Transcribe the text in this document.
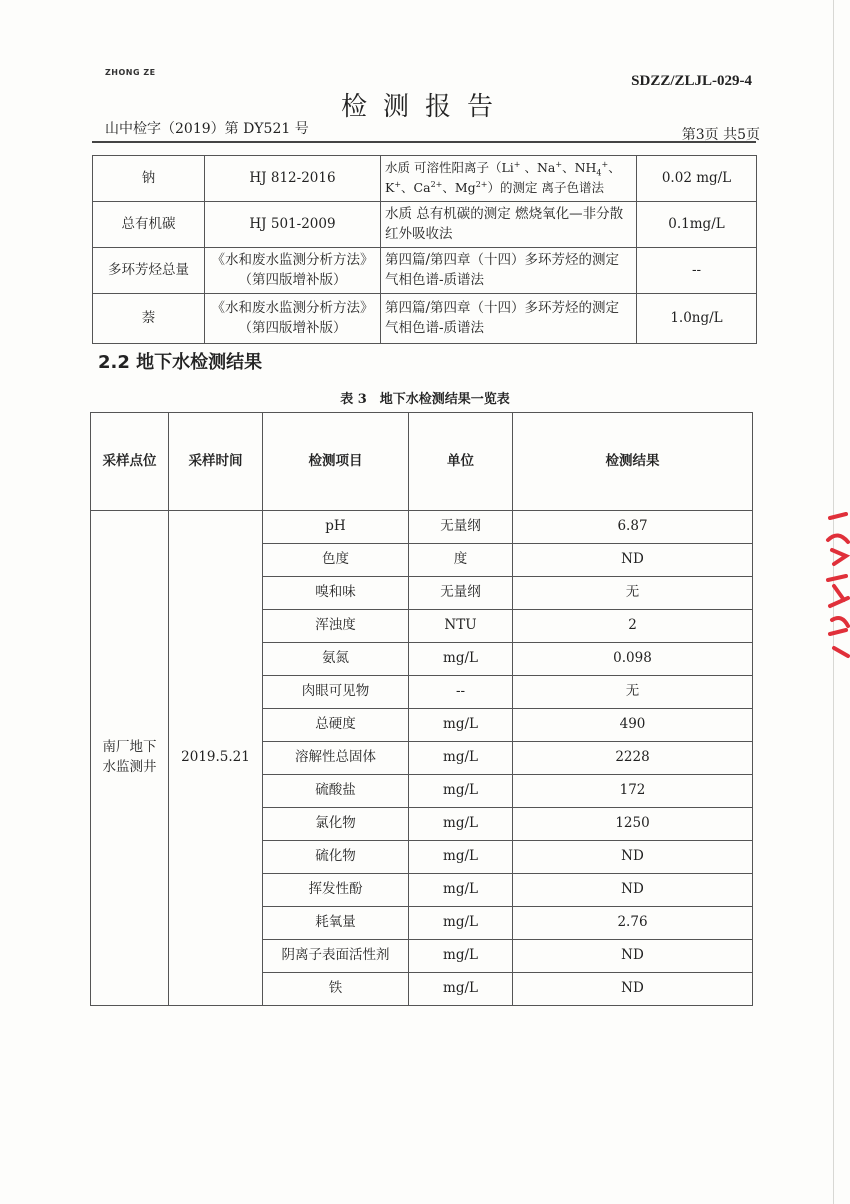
ZHONG ZE
SDZZ/ZLJL-029-4
检测报告
山中检字（2019）第 DY521 号	第3页 共5页
钠	HJ 812-2016	水质 可溶性阳离子（Li+ 、Na+、$NH_4^+$、K+、$Ca^{2+}$、$Mg^{2+}$）的测定 离子色谱法	0.02 mg/L
总有机碳	HJ 501-2009	水质 总有机碳的测定 燃烧氧化—非分散红外吸收法	0.1mg/L
多环芳烃总量	《水和废水监测分析方法》（第四版增补版）	第四篇/第四章（十四）多环芳烃的测定 气相色谱-质谱法	--
萘	《水和废水监测分析方法》（第四版增补版）	第四篇/第四章（十四）多环芳烃的测定 气相色谱-质谱法	1.0ng/L
2.2 地下水检测结果
表 3　地下水检测结果一览表
采样点位	采样时间	检测项目	单位	检测结果
南厂地下水监测井	2019.5.21	pH	无量纲	6.87
		色度	度	ND
		嗅和味	无量纲	无
		浑浊度	NTU	2
		氨氮	mg/L	0.098
		肉眼可见物	--	无
		总硬度	mg/L	490
		溶解性总固体	mg/L	2228
		硫酸盐	mg/L	172
		氯化物	mg/L	1250
		硫化物	mg/L	ND
		挥发性酚	mg/L	ND
		耗氧量	mg/L	2.76
		阴离子表面活性剂	mg/L	ND
		铁	mg/L	ND
